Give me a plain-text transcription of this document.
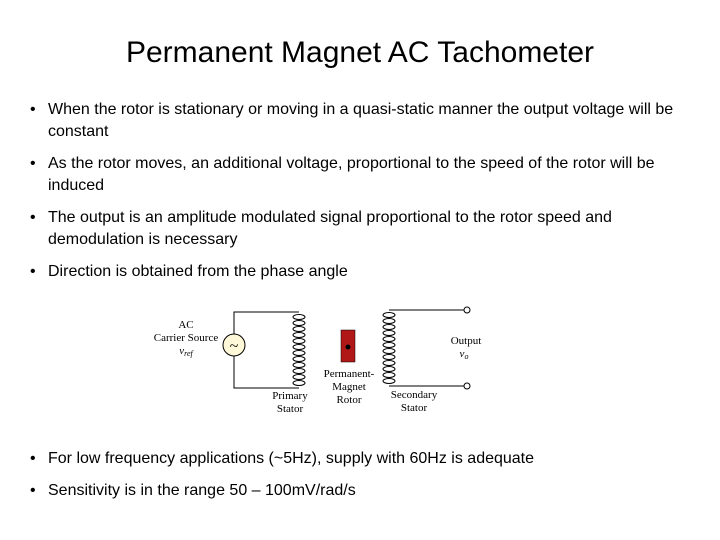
Permanent Magnet AC Tachometer
• When the rotor is stationary or moving in a quasi-static manner the output voltage will be constant
• As the rotor moves, an additional voltage, proportional to the speed of the rotor will be induced
• The output is an amplitude modulated signal proportional to the rotor speed and demodulation is necessary
• Direction is obtained from the phase angle
~
AC
Carrier Source
vref
Output
vo
Primary
Stator
Permanent-
Magnet
Rotor	Secondary
Stator
• For low frequency applications (~5Hz), supply with 60Hz is adequate
• Sensitivity is in the range 50 – 100mV/rad/s
